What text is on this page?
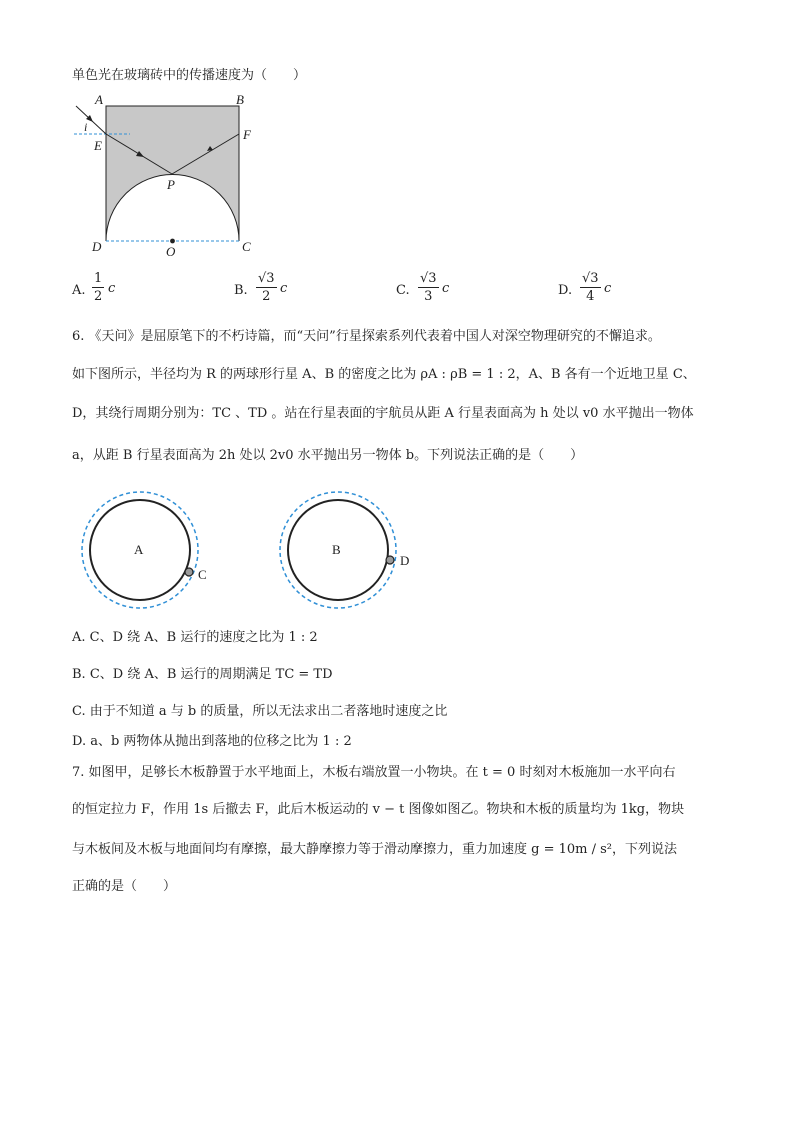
单色光在玻璃砖中的传播速度为（　　）
A	B
i
E
F
P
D	C
O
A. $\frac{1}{2}$ c	B. $\frac{√3}{2}$ c	C. $\frac{√3}{3}$ c	D. $\frac{√3}{4}$ c
6. 《天问》是屈原笔下的不朽诗篇，而“天问”行星探索系列代表着中国人对深空物理研究的不懈追求。
如下图所示，半径均为 R 的两球形行星 A、B 的密度之比为 ρA : ρB = 1 : 2，A、B 各有一个近地卫星 C、
D，其绕行周期分别为：TC 、TD 。站在行星表面的宇航员从距 A 行星表面高为 h 处以 v0 水平抛出一物体
a，从距 B 行星表面高为 2h 处以 2v0 水平抛出另一物体 b。下列说法正确的是（　　）
A
C
B
D
A. C、D 绕 A、B 运行的速度之比为 1 : 2
B. C、D 绕 A、B 运行的周期满足 TC = TD
C. 由于不知道 a 与 b 的质量，所以无法求出二者落地时速度之比
D. a、b 两物体从抛出到落地的位移之比为 1 : 2
7. 如图甲，足够长木板静置于水平地面上，木板右端放置一小物块。在 t = 0 时刻对木板施加一水平向右
的恒定拉力 F，作用 1s 后撤去 F，此后木板运动的 v − t 图像如图乙。物块和木板的质量均为 1kg，物块
与木板间及木板与地面间均有摩擦，最大静摩擦力等于滑动摩擦力，重力加速度 g = 10m / s²，下列说法
正确的是（　　）
